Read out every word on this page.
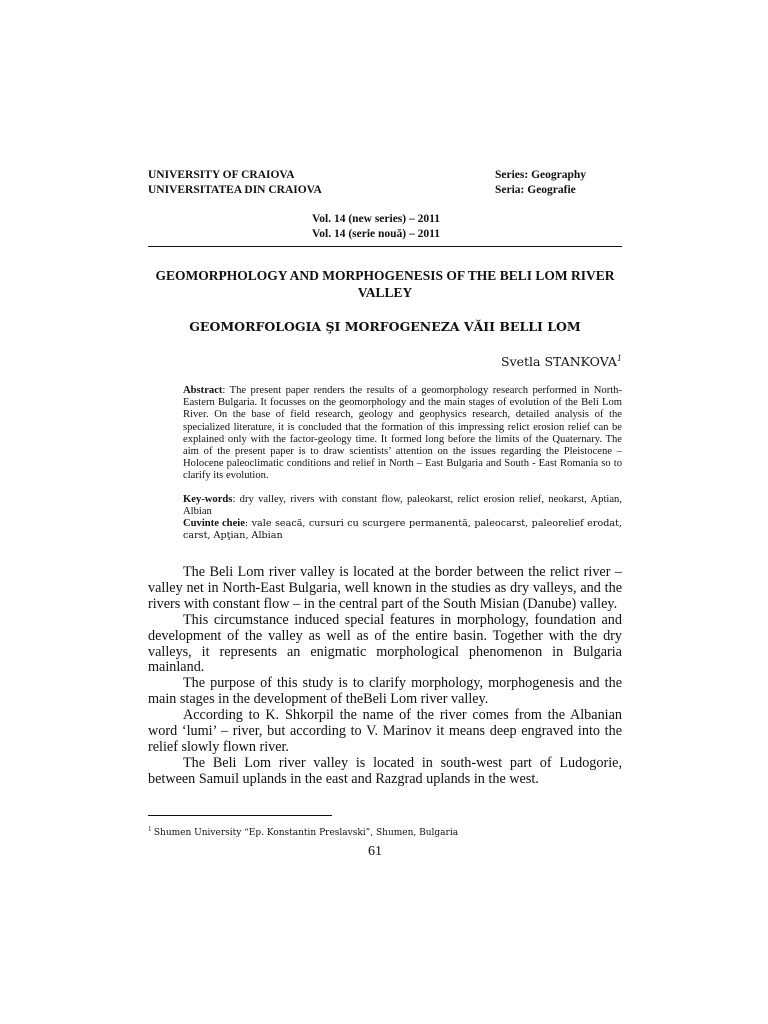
UNIVERSITY OF CRAIOVA
UNIVERSITATEA DIN CRAIOVA
Series: Geography
Seria: Geografie
Vol. 14 (new series) – 2011
Vol. 14 (serie nouă) – 2011
GEOMORPHOLOGY AND MORPHOGENESIS OF THE BELI LOM RIVER VALLEY
GEOMORFOLOGIA ŞI MORFOGENEZA VĂII BELLI LOM
Svetla STANKOVA$^1$

Abstract: The present paper renders the results of a geomorphology research performed in North-Eastern Bulgaria. It focusses on the geomorphology and the main stages of evolution of the Beli Lom River. On the base of field research, geology and geophysics research, detailed analysis of the specialized literature, it is concluded that the formation of this impressing relict erosion relief can be explained only with the factor-geology time. It formed long before the limits of the Quaternary. The aim of the present paper is to draw scientists’ attention on the issues regarding the Pleistocene – Holocene paleoclimatic conditions and relief in North – East Bulgaria and South - East Romania so to clarify its evolution.

Key-words: dry valley, rivers with constant flow, paleokarst, relict erosion relief, neokarst, Aptian, Albian

Cuvinte cheie: vale seacă, cursuri cu scurgere permanentă, paleocarst, paleorelief erodat, carst, Apţian, Albian

The Beli Lom river valley is located at the border between the relict river – valley net in North-East Bulgaria, well known in the studies as dry valleys, and the rivers with constant flow – in the central part of the South Misian (Danube) valley.

This circumstance induced special features in morphology, foundation and development of the valley as well as of the entire basin. Together with the dry valleys, it represents an enigmatic morphological phenomenon in Bulgaria mainland.

The purpose of this study is to clarify morphology, morphogenesis and the main stages in the development of theBeli Lom river valley.

According to K. Shkorpil the name of the river comes from the Albanian word ‘lumi’ – river, but according to V. Marinov it means deep engraved into the relief slowly flown river.

The Beli Lom river valley is located in south-west part of Ludogorie, between Samuil uplands in the east and Razgrad uplands in the west.

$^1$ Shumen University “Ep. Konstantin Preslavski”, Shumen, Bulgaria
61
